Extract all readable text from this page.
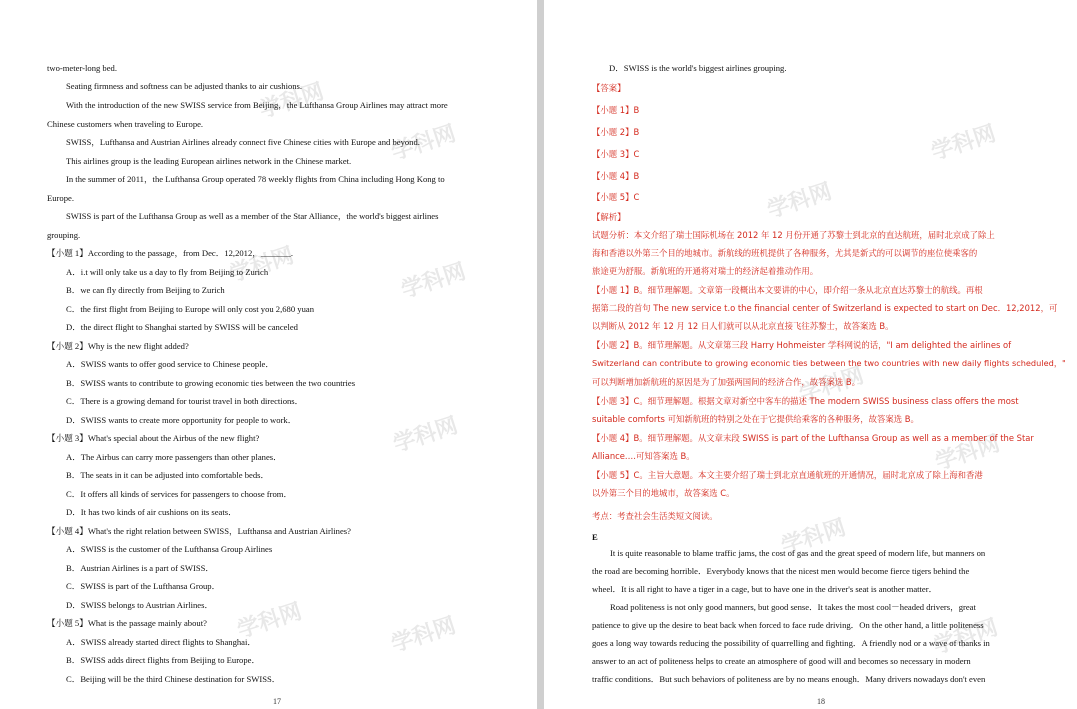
学科网
学科网
学科网	学科网
学科网
学科网	学科网
two-meter-long bed.
Seating firmness and softness can be adjusted thanks to air cushions.
With the introduction of the new SWISS service from Beijing，the Lufthansa Group Airlines may attract more
Chinese customers when traveling to Europe.
SWISS，Lufthansa and Austrian Airlines already connect five Chinese cities with Europe and beyond.
This airlines group is the leading European airlines network in the Chinese market.
In the summer of 2011，the Lufthansa Group operated 78 weekly flights from China including Hong Kong to
Europe.
SWISS is part of the Lufthansa Group as well as a member of the Star Alliance，the world's biggest airlines
grouping.
【小题 1】According to the passage，from Dec．12,2012，_______.
A．i.t will only take us a day to fly from Beijing to Zurich
B．we can fly directly from Beijing to Zurich
C．the first flight from Beijing to Europe will only cost you 2,680 yuan
D．the direct flight to Shanghai started by SWISS will be canceled
【小题 2】Why is the new flight added?
A．SWISS wants to offer good service to Chinese people．
B．SWISS wants to contribute to growing economic ties between the two countries
C．There is a growing demand for tourist travel in both directions．
D．SWISS wants to create more opportunity for people to work．
【小题 3】What's special about the Airbus of the new flight?
A．The Airbus can carry more passengers than other planes．
B．The seats in it can be adjusted into comfortable beds．
C．It offers all kinds of services for passengers to choose from．
D．It has two kinds of air cushions on its seats．
【小题 4】What's the right relation between SWISS，Lufthansa and Austrian Airlines?
A．SWISS is the customer of the Lufthansa Group Airlines
B．Austrian Airlines is a part of SWISS．
C．SWISS is part of the Lufthansa Group．
D．SWISS belongs to Austrian Airlines．
【小题 5】What is the passage mainly about?
A．SWISS already started direct flights to Shanghai．
B．SWISS adds direct flights from Beijing to Europe．
C．Beijing will be the third Chinese destination for SWISS．
17
学科网
学科网
学科网
学科网
学科网
学科网
D．SWISS is the world's biggest airlines grouping.
【答案】
【小题 1】B
【小题 2】B
【小题 3】C
【小题 4】B
【小题 5】C
【解析】
试题分析：本文介绍了瑞士国际机场在 2012 年 12 月份开通了苏黎士到北京的直达航班，届时北京成了除上
海和香港以外第三个目的地城市。新航线的班机提供了各种服务，尤其是新式的可以调节的座位使乘客的
旅途更为舒服。新航班的开通将对瑞士的经济起着推动作用。
【小题 1】B。细节理解题。文章第一段概出本文要讲的中心，即介绍一条从北京直达苏黎士的航线。再根
据第二段的首句 The new service t.o the financial center of Switzerland is expected to start on Dec．12,2012，可
以判断从 2012 年 12 月 12 日人们就可以从北京直接飞往苏黎士，故答案选 B。
【小题 2】B。细节理解题。从文章第三段 Harry Hohmeister 学科网说的话，"I am delighted the airlines of
Switzerland can contribute to growing economic ties between the two countries with new daily flights scheduled，"
可以判断增加新航班的原因是为了加强两国间的经济合作，故答案选 B。
【小题 3】C。细节理解题。根据文章对新空中客车的描述 The modern SWISS business class offers the most
suitable comforts 可知新航班的特别之处在于它提供给乘客的各种服务，故答案选 B。
【小题 4】B。细节理解题。从文章末段 SWISS is part of the Lufthansa Group as well as a member of the Star
Alliance.…可知答案选 B。
【小题 5】C。主旨大意题。本文主要介绍了瑞士到北京直通航班的开通情况，届时北京成了除上海和香港
以外第三个目的地城市，故答案选 C。
考点：考查社会生活类短文阅读。
E
It is quite reasonable to blame traffic jams, the cost of gas and the great speed of modern life, but manners on
the road are becoming horrible．Everybody knows that the nicest men would become fierce tigers behind the
wheel．It is all right to have a tiger in a cage, but to have one in the driver's seat is another matter．
Road politeness is not only good manners, but good sense．It takes the most cool－headed drivers，great
patience to give up the desire to beat back when forced to face rude driving．On the other hand, a little politeness
goes a long way towards reducing the possibility of quarrelling and fighting．A friendly nod or a wave of thanks in
answer to an act of politeness helps to create an atmosphere of good will and becomes so necessary in modern
traffic conditions．But such behaviors of politeness are by no means enough．Many drivers nowadays don't even
18
